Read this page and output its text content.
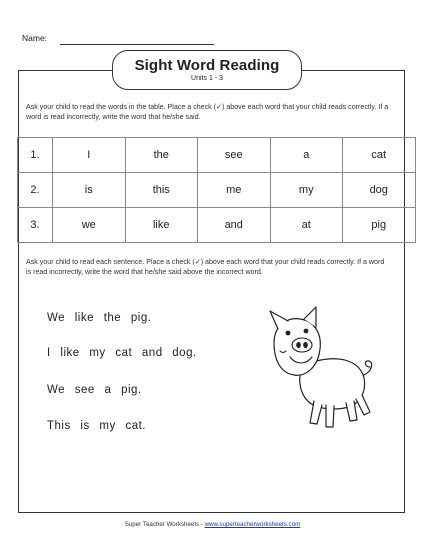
Name:
Sight Word Reading
Units 1 - 3
Ask your child to read the words in the table. Place a check (✓) above each word that your child reads correctly. If a word is read incorrectly, write the word that he/she said.
1.	I	the	see	a	cat
2.	is	this	me	my	dog
3.	we	like	and	at	pig
Ask your child to read each sentence. Place a check (✓) above each word that your child reads correctly. If a word is read incorrectly, write the word that he/she said above the incorrect word.
We like the pig.
I like my cat and dog.
We see a pig.
This is my cat.
Super Teacher Worksheets - www.superteacherworksheets.com
